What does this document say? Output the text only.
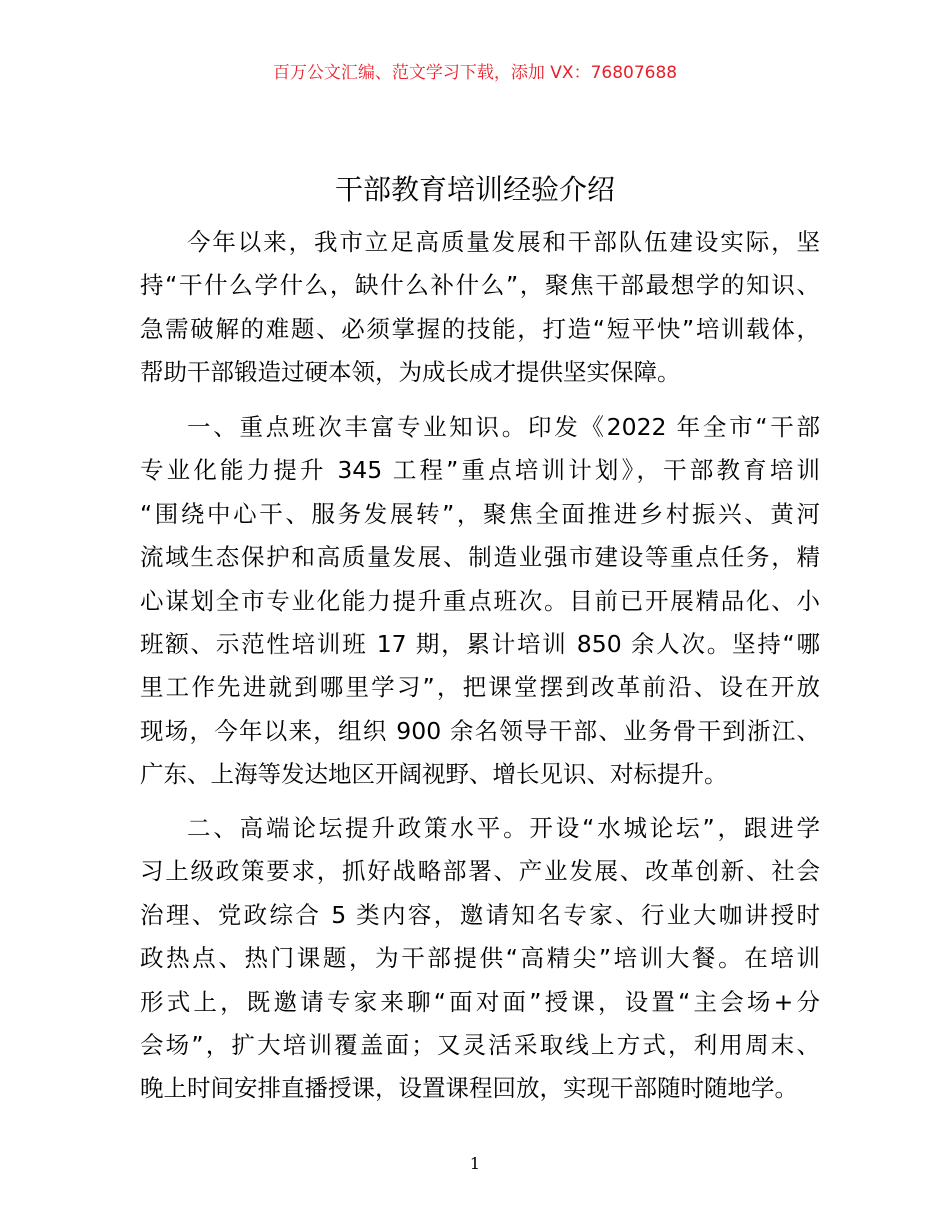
百万公文汇编、范文学习下载，添加 VX：76807688
干部教育培训经验介绍
今年以来，我市立足高质量发展和干部队伍建设实际，坚
持“干什么学什么，缺什么补什么”，聚焦干部最想学的知识、
急需破解的难题、必须掌握的技能，打造“短平快”培训载体，
帮助干部锻造过硬本领，为成长成才提供坚实保障。
一、重点班次丰富专业知识。印发《2022 年全市“干部
专业化能力提升 345 工程”重点培训计划》，干部教育培训
“围绕中心干、服务发展转”，聚焦全面推进乡村振兴、黄河
流域生态保护和高质量发展、制造业强市建设等重点任务，精
心谋划全市专业化能力提升重点班次。目前已开展精品化、小
班额、示范性培训班 17 期，累计培训 850 余人次。坚持“哪
里工作先进就到哪里学习”，把课堂摆到改革前沿、设在开放
现场，今年以来，组织 900 余名领导干部、业务骨干到浙江、
广东、上海等发达地区开阔视野、增长见识、对标提升。
二、高端论坛提升政策水平。开设“水城论坛”，跟进学
习上级政策要求，抓好战略部署、产业发展、改革创新、社会
治理、党政综合 5 类内容，邀请知名专家、行业大咖讲授时
政热点、热门课题，为干部提供“高精尖”培训大餐。在培训
形式上，既邀请专家来聊“面对面”授课，设置“主会场+分
会场”，扩大培训覆盖面；又灵活采取线上方式，利用周末、
晚上时间安排直播授课，设置课程回放，实现干部随时随地学。
1
